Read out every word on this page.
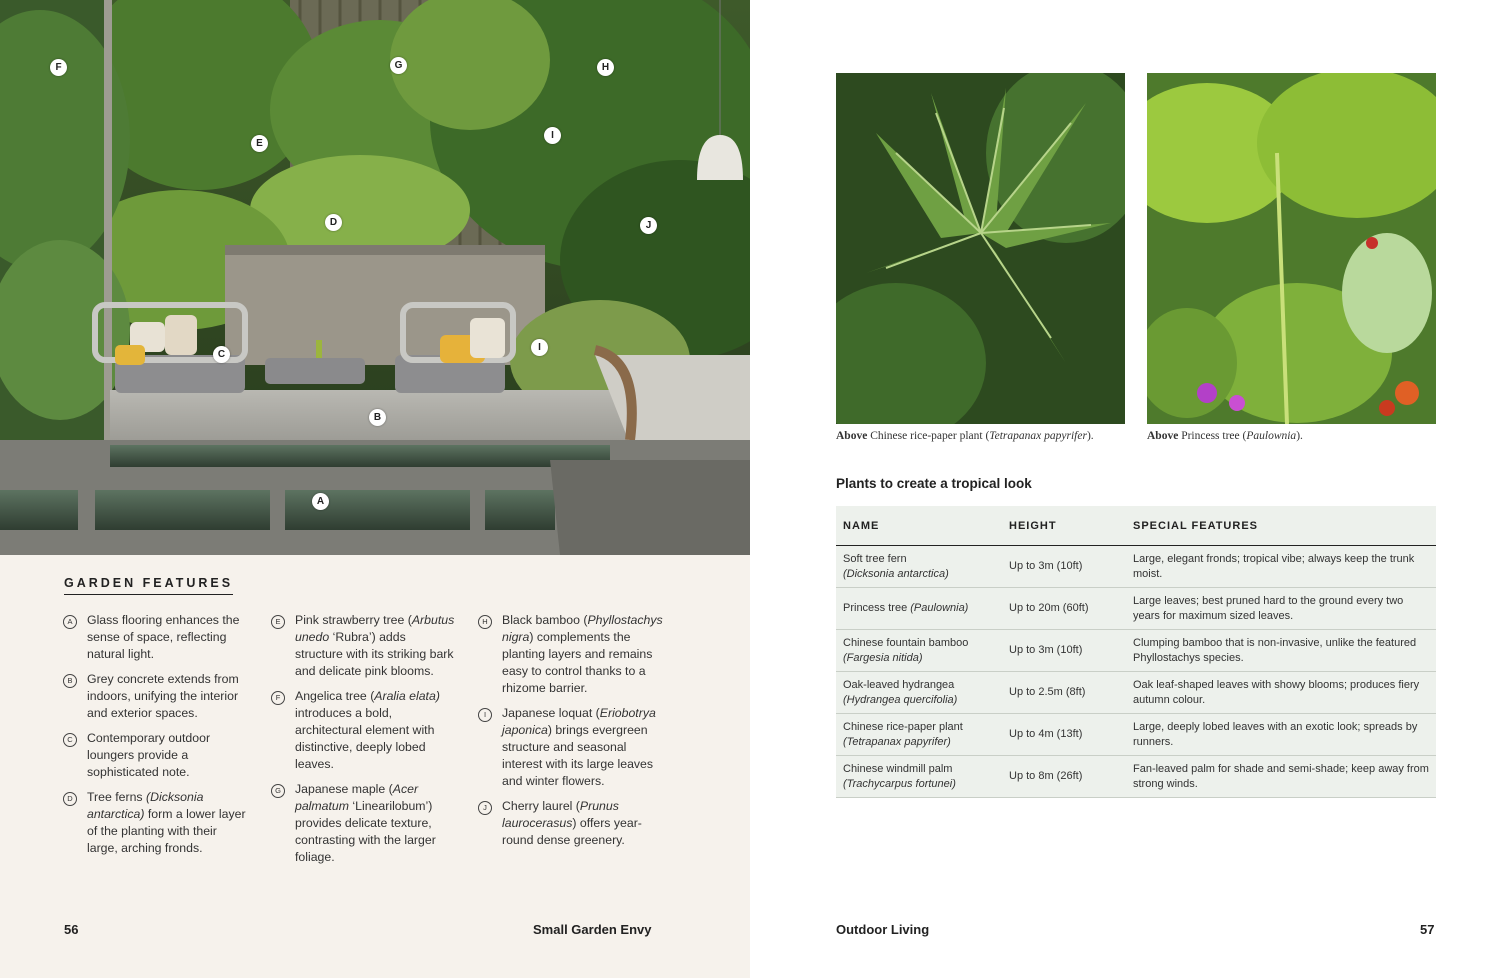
F	G	H
E
I
D	J
C
I
B
A
GARDEN FEATURES
A	Glass flooring enhances the sense of space, reflecting natural light.
B	Grey concrete extends from indoors, unifying the interior and exterior spaces.
C	Contemporary outdoor loungers provide a sophisticated note.
D	Tree ferns (Dicksonia antarctica) form a lower layer of the planting with their large, arching fronds.
E	Pink strawberry tree (Arbutus unedo ‘Rubra’) adds structure with its striking bark and delicate pink blooms.
F	Angelica tree (Aralia elata) introduces a bold, architectural element with distinctive, deeply lobed leaves.
G	Japanese maple (Acer palmatum ‘Linearilobum’) provides delicate texture, contrasting with the larger foliage.
H	Black bamboo (Phyllostachys nigra) complements the planting layers and remains easy to control thanks to a rhizome barrier.
I	Japanese loquat (Eriobotrya japonica) brings evergreen structure and seasonal interest with its large leaves and winter flowers.
J	Cherry laurel (Prunus laurocerasus) offers year-round dense greenery.
56	Small Garden Envy
Above Chinese rice-paper plant (Tetrapanax papyrifer).	Above Princess tree (Paulownia).
Plants to create a tropical look
NAME	HEIGHT	SPECIAL FEATURES
Soft tree fern
(Dicksonia antarctica)	Up to 3m (10ft)	Large, elegant fronds; tropical vibe; always keep the trunk moist.
Princess tree (Paulownia)	Up to 20m (60ft)	Large leaves; best pruned hard to the ground every two years for maximum sized leaves.
Chinese fountain bamboo
(Fargesia nitida)	Up to 3m (10ft)	Clumping bamboo that is non-invasive, unlike the featured Phyllostachys species.
Oak-leaved hydrangea
(Hydrangea quercifolia)	Up to 2.5m (8ft)	Oak leaf-shaped leaves with showy blooms; produces fiery autumn colour.
Chinese rice-paper plant
(Tetrapanax papyrifer)	Up to 4m (13ft)	Large, deeply lobed leaves with an exotic look; spreads by runners.
Chinese windmill palm
(Trachycarpus fortunei)	Up to 8m (26ft)	Fan-leaved palm for shade and semi-shade; keep away from strong winds.
Outdoor Living	57
